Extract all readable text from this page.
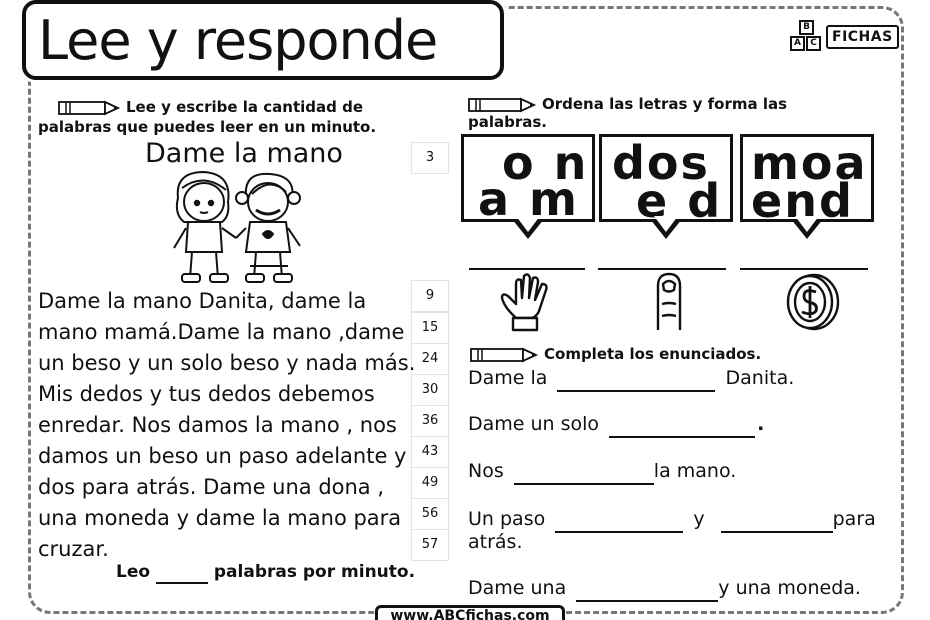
Lee y responde	B
A	C	FICHAS
Lee y escribe la cantidad de
palabras que puedes leer en un minuto.
Dame la mano	3
9
15
24
30
36
43
49
56
57
Dame la mano Danita, dame la
mano mamá.Dame la mano ,dame
un beso y un solo beso y nada más.
Mis dedos y tus dedos debemos
enredar. Nos damos la mano , nos
damos un beso un paso adelante y
dos para atrás. Dame una dona ,
una moneda y dame la mano para
cruzar.
Leo	palabras por minuto.
Ordena las letras y forma las
palabras.
o n
a m
dos
e d
moa
end
Completa los enunciados.
Dame la	Danita.
Dame un solo	.
Nos	la mano.
Un paso	y	para
atrás.
Dame una	y una moneda.
www.ABCfichas.com
